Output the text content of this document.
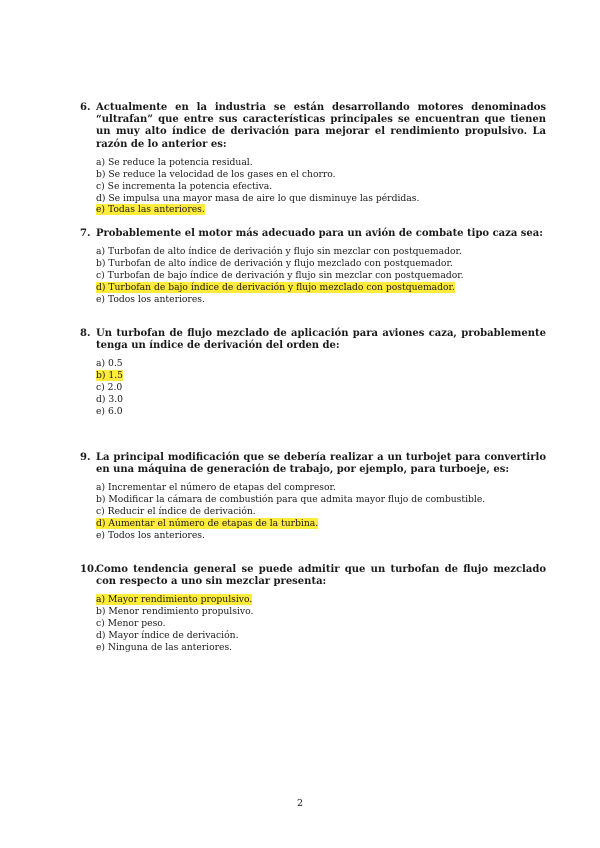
6. Actualmente en la industria se están desarrollando motores denominados “ultrafan” que entre sus características principales se encuentran que tienen un muy alto índice de derivación para mejorar el rendimiento propulsivo. La razón de lo anterior es:
a) Se reduce la potencia residual.
b) Se reduce la velocidad de los gases en el chorro.
c) Se incrementa la potencia efectiva.
d) Se impulsa una mayor masa de aire lo que disminuye las pérdidas.
e) Todas las anteriores.
7. Probablemente el motor más adecuado para un avión de combate tipo caza sea:
a) Turbofan de alto índice de derivación y flujo sin mezclar con postquemador.
b) Turbofan de alto índice de derivación y flujo mezclado con postquemador.
c) Turbofan de bajo índice de derivación y flujo sin mezclar con postquemador.
d) Turbofan de bajo índice de derivación y flujo mezclado con postquemador.
e) Todos los anteriores.
8. Un turbofan de flujo mezclado de aplicación para aviones caza, probablemente tenga un índice de derivación del orden de:
a) 0.5
b) 1.5
c) 2.0
d) 3.0
e) 6.0
9. La principal modificación que se debería realizar a un turbojet para convertirlo en una máquina de generación de trabajo, por ejemplo, para turboeje, es:
a) Incrementar el número de etapas del compresor.
b) Modificar la cámara de combustión para que admita mayor flujo de combustible.
c) Reducir el índice de derivación.
d) Aumentar el número de etapas de la turbina.
e) Todos los anteriores.
10.
Como tendencia general se puede admitir que un turbofan de flujo mezclado con respecto a uno sin mezclar presenta:
a) Mayor rendimiento propulsivo.
b) Menor rendimiento propulsivo.
c) Menor peso.
d) Mayor índice de derivación.
e) Ninguna de las anteriores.
2
